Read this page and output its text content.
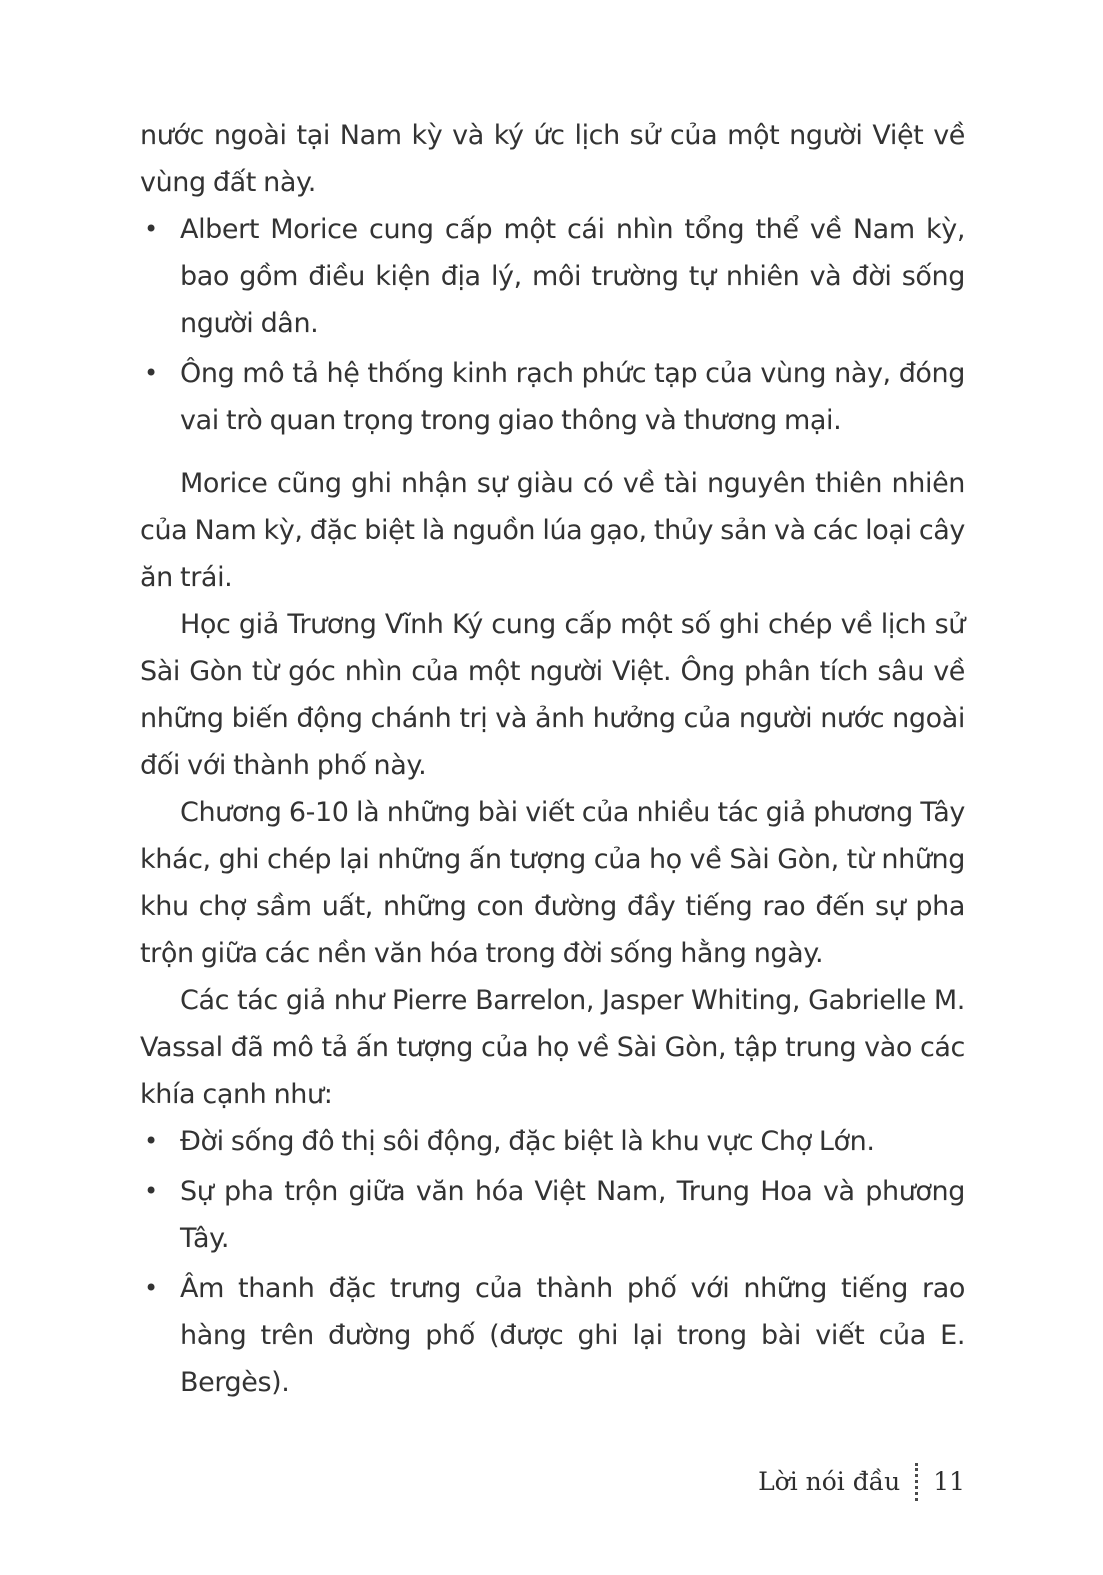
nước ngoài tại Nam kỳ và ký ức lịch sử của một người Việt về vùng đất này.

• Albert Morice cung cấp một cái nhìn tổng thể về Nam kỳ, bao gồm điều kiện địa lý, môi trường tự nhiên và đời sống người dân.
• Ông mô tả hệ thống kinh rạch phức tạp của vùng này, đóng vai trò quan trọng trong giao thông và thương mại.

Morice cũng ghi nhận sự giàu có về tài nguyên thiên nhiên của Nam kỳ, đặc biệt là nguồn lúa gạo, thủy sản và các loại cây ăn trái.

Học giả Trương Vĩnh Ký cung cấp một số ghi chép về lịch sử Sài Gòn từ góc nhìn của một người Việt. Ông phân tích sâu về những biến động chánh trị và ảnh hưởng của người nước ngoài đối với thành phố này.

Chương 6-10 là những bài viết của nhiều tác giả phương Tây khác, ghi chép lại những ấn tượng của họ về Sài Gòn, từ những khu chợ sầm uất, những con đường đầy tiếng rao đến sự pha trộn giữa các nền văn hóa trong đời sống hằng ngày.

Các tác giả như Pierre Barrelon, Jasper Whiting, Gabrielle M. Vassal đã mô tả ấn tượng của họ về Sài Gòn, tập trung vào các khía cạnh như:

• Đời sống đô thị sôi động, đặc biệt là khu vực Chợ Lớn.
• Sự pha trộn giữa văn hóa Việt Nam, Trung Hoa và phương Tây.
• Âm thanh đặc trưng của thành phố với những tiếng rao hàng trên đường phố (được ghi lại trong bài viết của E. Bergès).
Lời nói đầu 11
